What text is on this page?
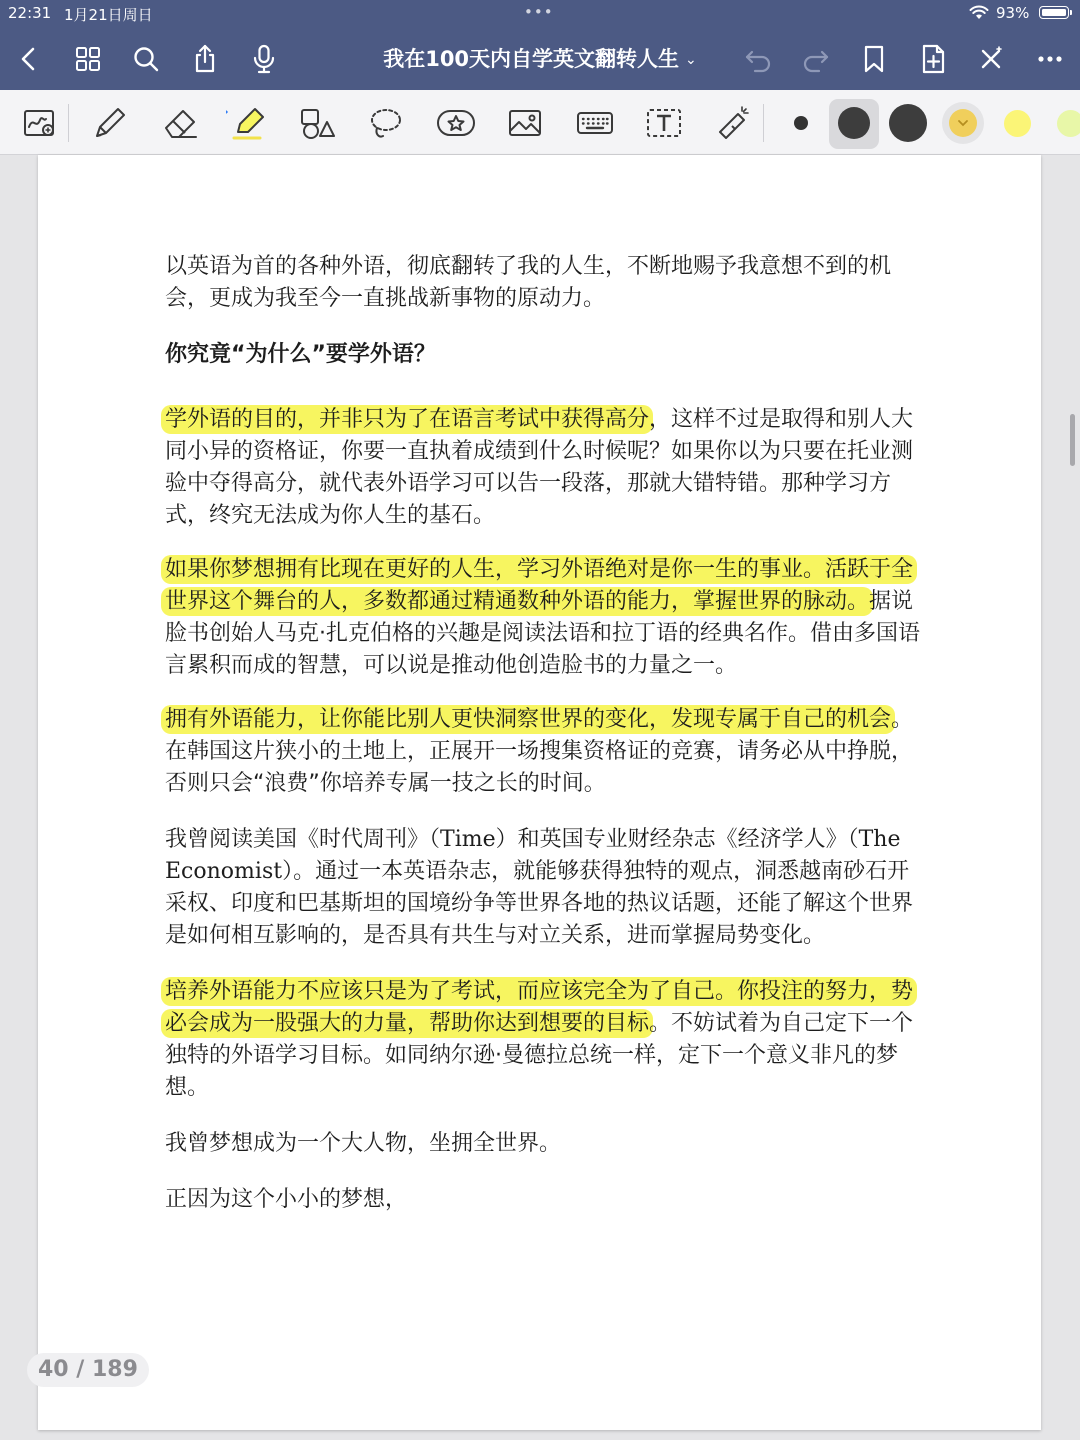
22:31 1月21日周日	•••	93%
我在100天内自学英文翻转人生 ⌄

以英语为首的各种外语，彻底翻转了我的人生，不断地赐予我意想不到的机会，更成为我至今一直挑战新事物的原动力。

你究竟“为什么”要学外语？

学外语的目的，并非只为了在语言考试中获得高分，这样不过是取得和别人大同小异的资格证，你要一直执着成绩到什么时候呢？如果你以为只要在托业测验中夺得高分，就代表外语学习可以告一段落，那就大错特错。那种学习方式，终究无法成为你人生的基石。

如果你梦想拥有比现在更好的人生，学习外语绝对是你一生的事业。活跃于全世界这个舞台的人，多数都通过精通数种外语的能力，掌握世界的脉动。据说脸书创始人马克·扎克伯格的兴趣是阅读法语和拉丁语的经典名作。借由多国语言累积而成的智慧，可以说是推动他创造脸书的力量之一。

拥有外语能力，让你能比别人更快洞察世界的变化，发现专属于自己的机会。在韩国这片狭小的土地上，正展开一场搜集资格证的竞赛，请务必从中挣脱，否则只会“浪费”你培养专属一技之长的时间。

我曾阅读美国《时代周刊》（Time）和英国专业财经杂志《经济学人》（The Economist）。通过一本英语杂志，就能够获得独特的观点，洞悉越南砂石开采权、印度和巴基斯坦的国境纷争等世界各地的热议话题，还能了解这个世界是如何相互影响的，是否具有共生与对立关系，进而掌握局势变化。

培养外语能力不应该只是为了考试，而应该完全为了自己。你投注的努力，势必会成为一股强大的力量，帮助你达到想要的目标。不妨试着为自己定下一个独特的外语学习目标。如同纳尔逊·曼德拉总统一样，定下一个意义非凡的梦想。

我曾梦想成为一个大人物，坐拥全世界。

正因为这个小小的梦想，

40 / 189
